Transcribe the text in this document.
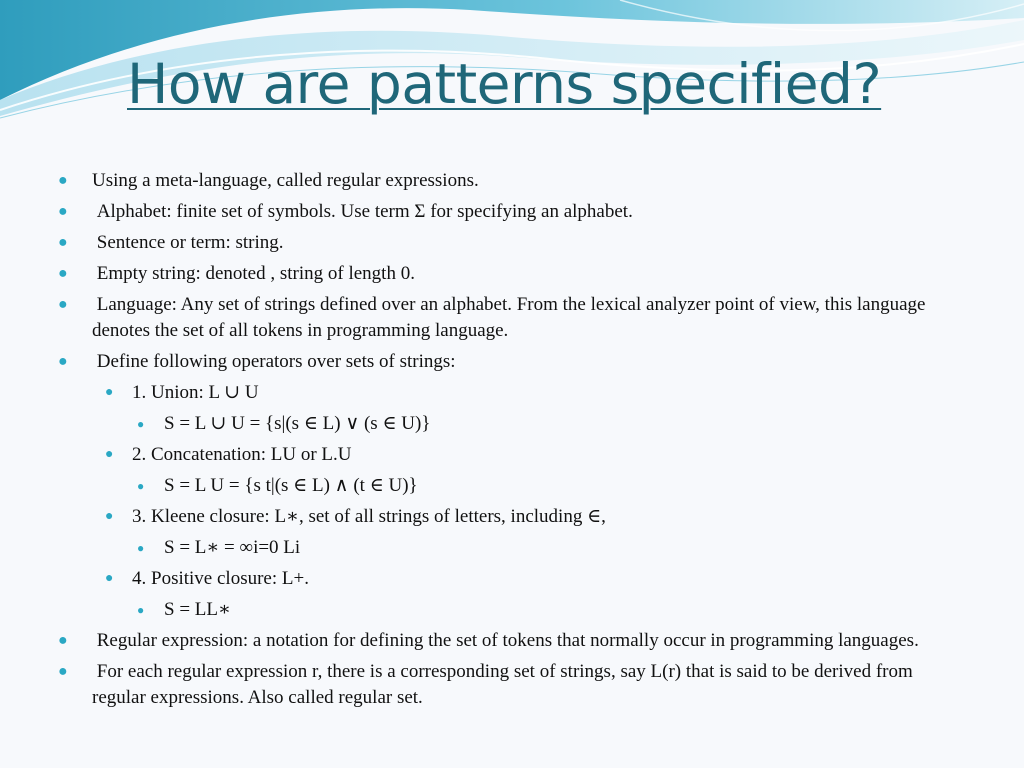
How are patterns specified?
● Using a meta-language, called regular expressions.
● Alphabet: finite set of symbols. Use term Σ for specifying an alphabet.
● Sentence or term: string.
● Empty string: denoted , string of length 0.
● Language: Any set of strings defined over an alphabet. From the lexical analyzer point of view, this language denotes the set of all tokens in programming language.
● Define following operators over sets of strings:
● 1. Union: L ∪ U
● S = L ∪ U = {s|(s ∈ L) ∨ (s ∈ U)}
● 2. Concatenation: LU or L.U
● S = L U = {s t|(s ∈ L) ∧ (t ∈ U)}
● 3. Kleene closure: L∗, set of all strings of letters, including ∈,
● S = L∗ = ∞i=0 Li
● 4. Positive closure: L+.
● S = LL∗
● Regular expression: a notation for defining the set of tokens that normally occur in programming languages.
● For each regular expression r, there is a corresponding set of strings, say L(r) that is said to be derived from regular expressions. Also called regular set.
